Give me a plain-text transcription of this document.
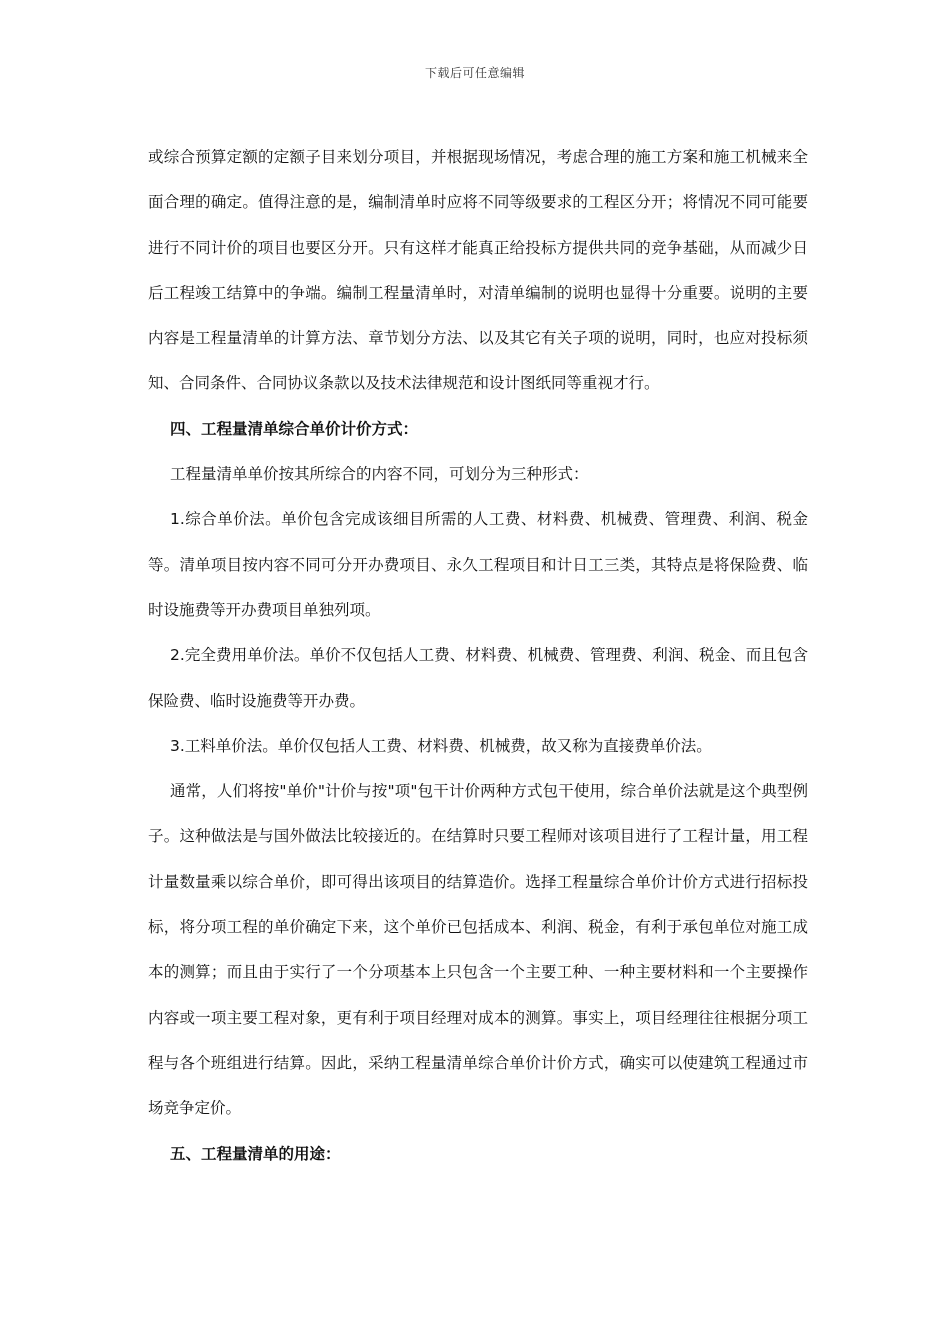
下载后可任意编辑

或综合预算定额的定额子目来划分项目，并根据现场情况，考虑合理的施工方案和施工机械来全面合理的确定。值得注意的是，编制清单时应将不同等级要求的工程区分开；将情况不同可能要进行不同计价的项目也要区分开。只有这样才能真正给投标方提供共同的竞争基础，从而减少日后工程竣工结算中的争端。编制工程量清单时，对清单编制的说明也显得十分重要。说明的主要内容是工程量清单的计算方法、章节划分方法、以及其它有关子项的说明，同时，也应对投标须知、合同条件、合同协议条款以及技术法律规范和设计图纸同等重视才行。

四、工程量清单综合单价计价方式：

工程量清单单价按其所综合的内容不同，可划分为三种形式：

1.综合单价法。单价包含完成该细目所需的人工费、材料费、机械费、管理费、利润、税金等。清单项目按内容不同可分开办费项目、永久工程项目和计日工三类，其特点是将保险费、临时设施费等开办费项目单独列项。

2.完全费用单价法。单价不仅包括人工费、材料费、机械费、管理费、利润、税金、而且包含保险费、临时设施费等开办费。

3.工料单价法。单价仅包括人工费、材料费、机械费，故又称为直接费单价法。

通常，人们将按"单价"计价与按"项"包干计价两种方式包干使用，综合单价法就是这个典型例子。这种做法是与国外做法比较接近的。在结算时只要工程师对该项目进行了工程计量，用工程计量数量乘以综合单价，即可得出该项目的结算造价。选择工程量综合单价计价方式进行招标投标，将分项工程的单价确定下来，这个单价已包括成本、利润、税金，有利于承包单位对施工成本的测算；而且由于实行了一个分项基本上只包含一个主要工种、一种主要材料和一个主要操作内容或一项主要工程对象，更有利于项目经理对成本的测算。事实上，项目经理往往根据分项工程与各个班组进行结算。因此，采纳工程量清单综合单价计价方式，确实可以使建筑工程通过市场竞争定价。

五、工程量清单的用途：
